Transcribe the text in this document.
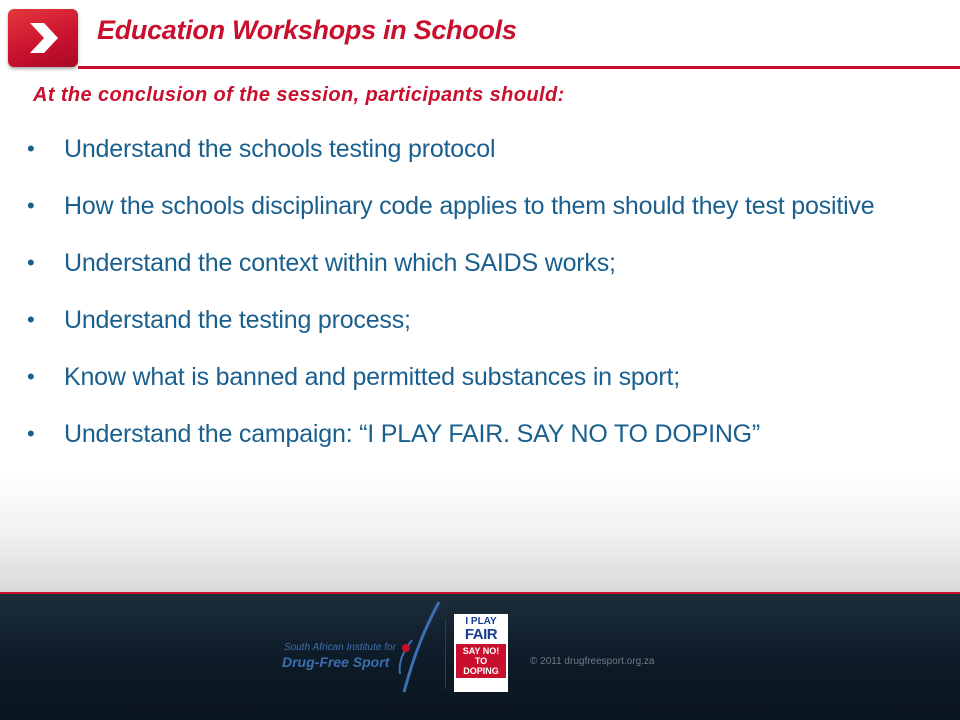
Education Workshops in Schools
At the conclusion of the session, participants should:
• Understand the schools testing protocol
• How the schools disciplinary code applies to them should they test positive
• Understand the context within which SAIDS works;
• Understand the testing process;
• Know what is banned and permitted substances in sport;
• Understand the campaign: “I PLAY FAIR. SAY NO TO DOPING”
South African Institute for
Drug-Free Sport
I PLAY
FAIR
SAY NO!
TO DOPING
© 2011 drugfreesport.org.za
